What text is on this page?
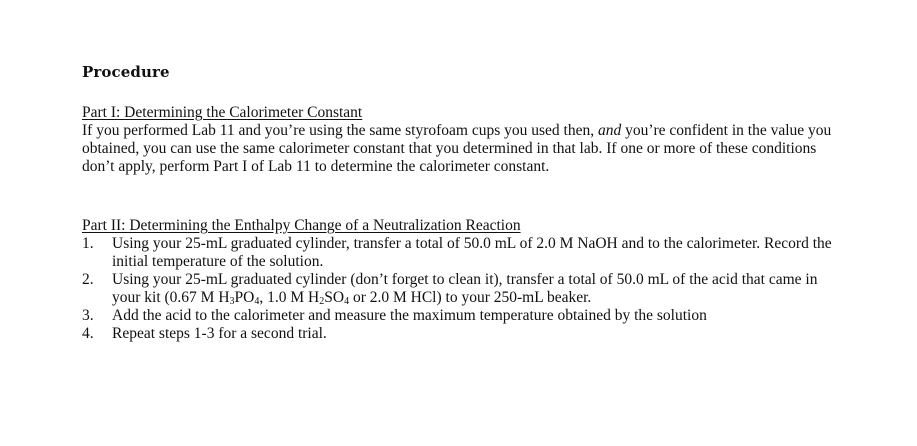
Procedure

Part I: Determining the Calorimeter Constant

If you performed Lab 11 and you’re using the same styrofoam cups you used then, and you’re confident in the value you obtained, you can use the same calorimeter constant that you determined in that lab. If one or more of these conditions don’t apply, perform Part I of Lab 11 to determine the calorimeter constant.

Part II: Determining the Enthalpy Change of a Neutralization Reaction

1.	Using your 25-mL graduated cylinder, transfer a total of 50.0 mL of 2.0 M NaOH and to the calorimeter. Record the initial temperature of the solution.
2.	Using your 25-mL graduated cylinder (don’t forget to clean it), transfer a total of 50.0 mL of the acid that came in your kit (0.67 M $H_3PO_4$, 1.0 M $H_2SO_4$ or 2.0 M HCl) to your 250-mL beaker.
3.	Add the acid to the calorimeter and measure the maximum temperature obtained by the solution
4.	Repeat steps 1-3 for a second trial.
